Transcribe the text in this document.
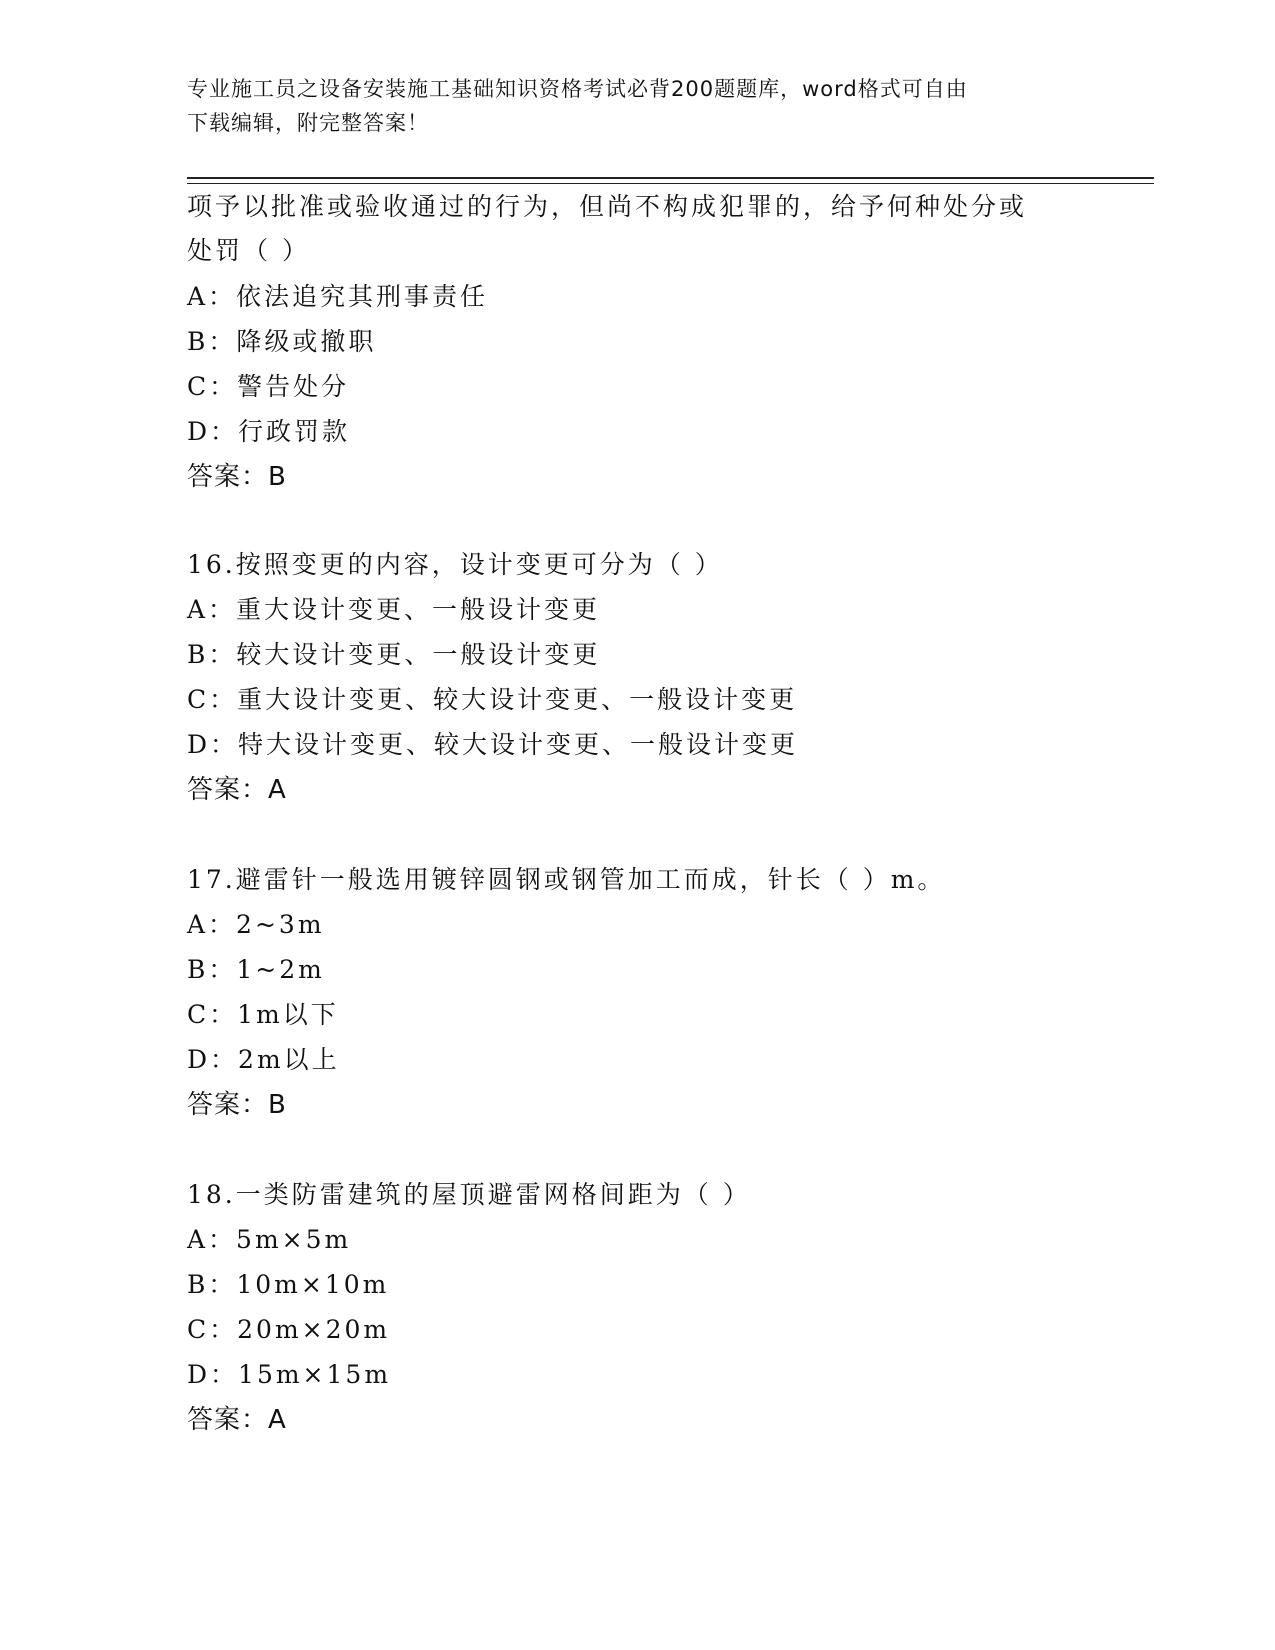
专业施工员之设备安装施工基础知识资格考试必背200题题库，word格式可自由
下载编辑，附完整答案！
项予以批准或验收通过的行为，但尚不构成犯罪的，给予何种处分或
处罚（ ）
A：依法追究其刑事责任
B：降级或撤职
C：警告处分
D：行政罚款
答案：B
16.按照变更的内容，设计变更可分为（ ）
A：重大设计变更、一般设计变更
B：较大设计变更、一般设计变更
C：重大设计变更、较大设计变更、一般设计变更
D：特大设计变更、较大设计变更、一般设计变更
答案：A
17.避雷针一般选用镀锌圆钢或钢管加工而成，针长（ ）m。
A：2~3m
B：1~2m
C：1m以下
D：2m以上
答案：B
18.一类防雷建筑的屋顶避雷网格间距为（ ）
A：5m×5m
B：10m×10m
C：20m×20m
D：15m×15m
答案：A
